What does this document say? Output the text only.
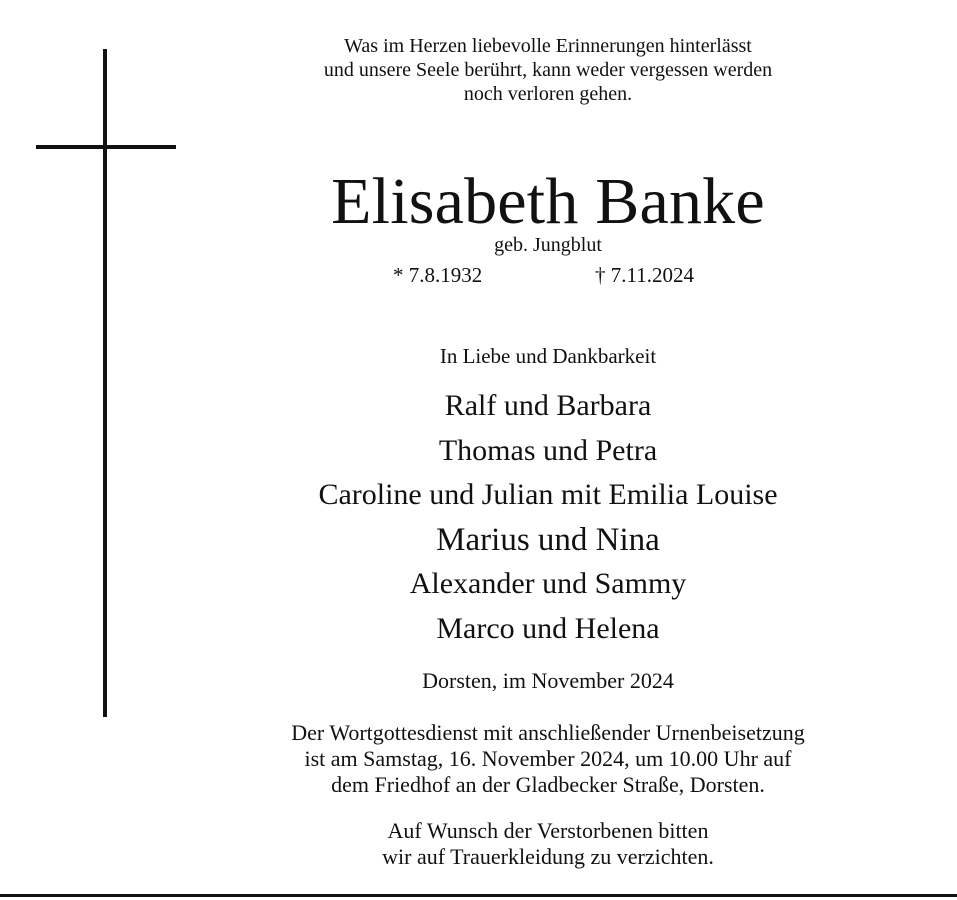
Was im Herzen liebevolle Erinnerungen hinterlässt
und unsere Seele berührt, kann weder vergessen werden
noch verloren gehen.
Elisabeth Banke
geb. Jungblut
* 7.8.1932	† 7.11.2024
In Liebe und Dankbarkeit
Ralf und Barbara
Thomas und Petra
Caroline und Julian mit Emilia Louise
Marius und Nina
Alexander und Sammy
Marco und Helena
Dorsten, im November 2024
Der Wortgottesdienst mit anschließender Urnenbeisetzung
ist am Samstag, 16. November 2024, um 10.00 Uhr auf
dem Friedhof an der Gladbecker Straße, Dorsten.
Auf Wunsch der Verstorbenen bitten
wir auf Trauerkleidung zu verzichten.
